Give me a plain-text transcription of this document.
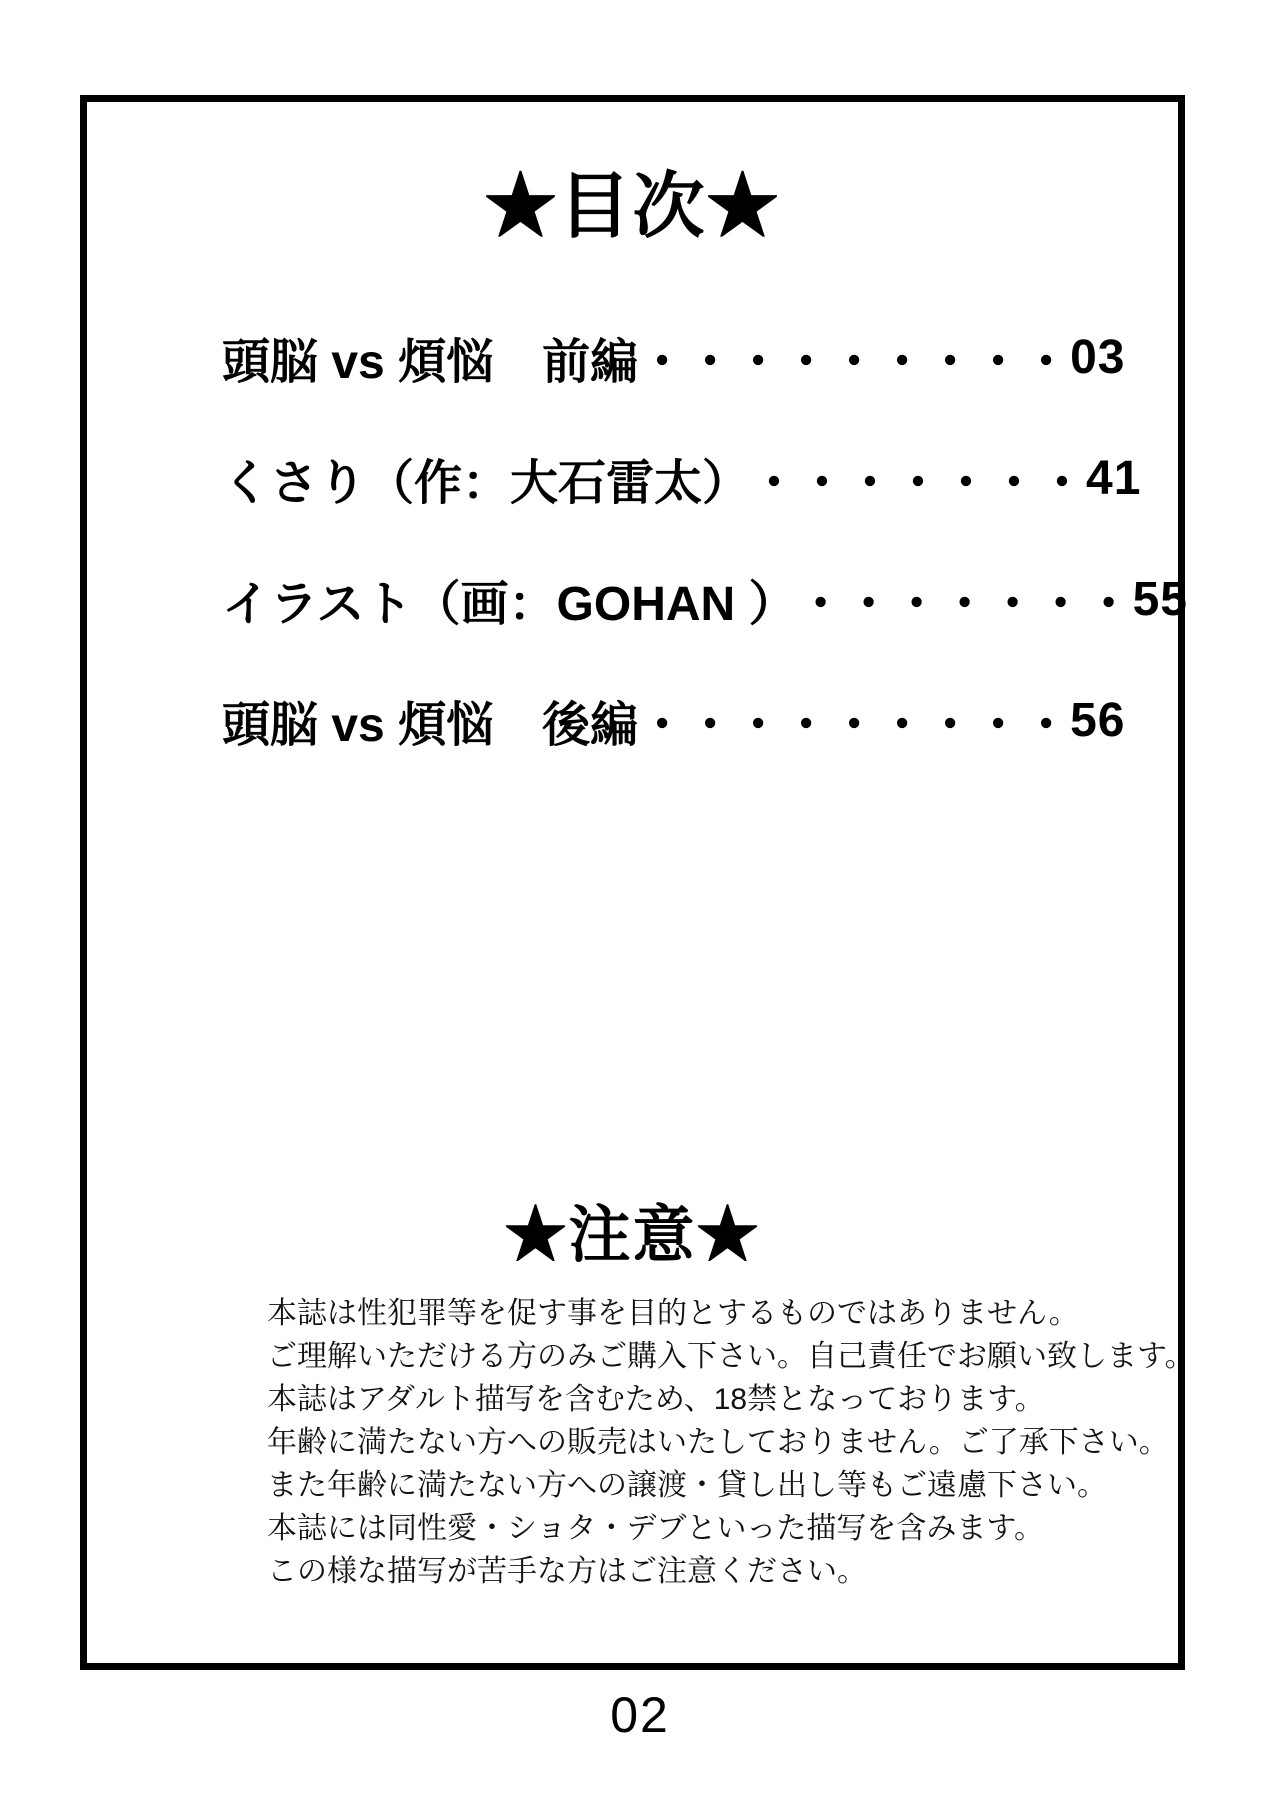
★目次★
頭脳 vs 煩悩　前編 ・・・・・・・・・ 03
くさり（作：大石雷太） ・・・・・・・ 41
イラスト（画：GOHAN ） ・・・・・・・ 55
頭脳 vs 煩悩　後編 ・・・・・・・・・ 56
★注意★
本誌は性犯罪等を促す事を目的とするものではありません。
ご理解いただける方のみご購入下さい。自己責任でお願い致します。
本誌はアダルト描写を含むため、18禁となっております。
年齢に満たない方への販売はいたしておりません。ご了承下さい。
また年齢に満たない方への譲渡・貸し出し等もご遠慮下さい。
本誌には同性愛・ショタ・デブといった描写を含みます。
この様な描写が苦手な方はご注意ください。
02
